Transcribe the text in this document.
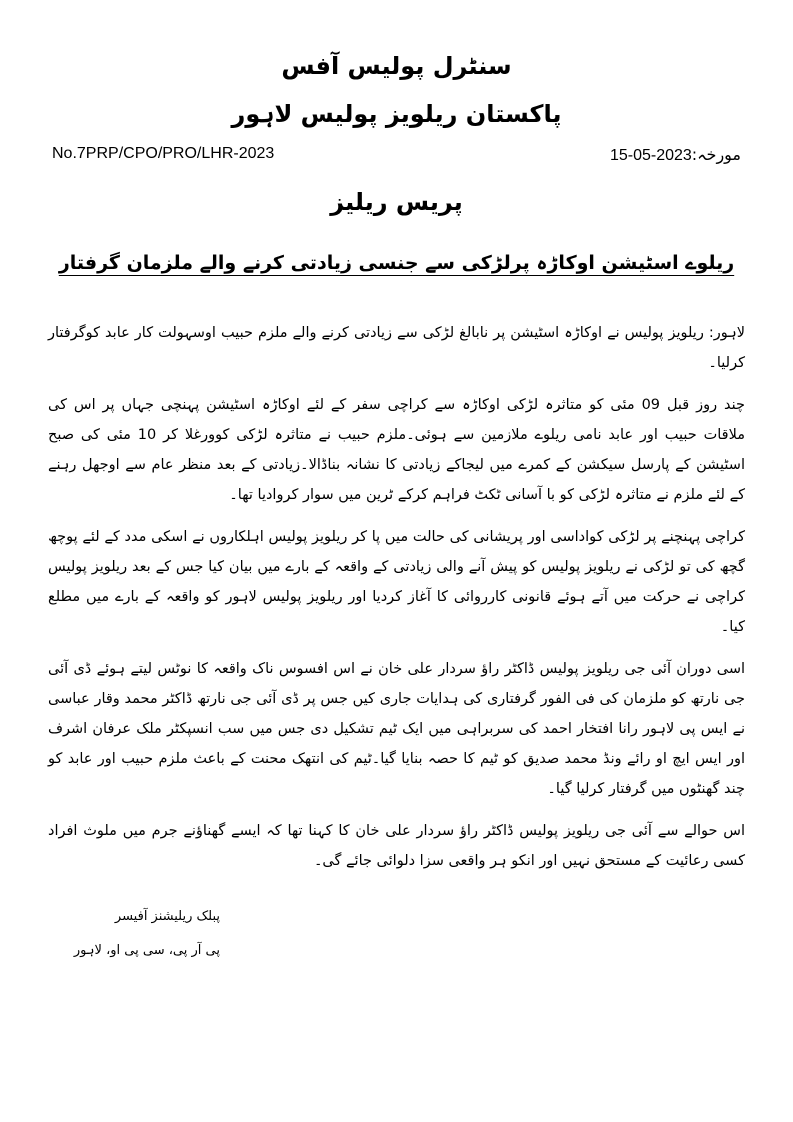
سنٹرل پولیس آفس
پاکستان ریلویز پولیس لاہور
No.7PRP/CPO/PRO/LHR-2023	مورخہ:15-05-2023
پریس ریلیز
ریلوے اسٹیشن اوکاڑہ پرلڑکی سے جنسی زیادتی کرنے والے ملزمان گرفتار

لاہور: ریلویز پولیس نے اوکاڑہ اسٹیشن پر نابالغ لڑکی سے زیادتی کرنے والے ملزم حبیب اوسہولت کار عابد کوگرفتار کرلیا۔

چند روز قبل 09 مئی کو متاثرہ لڑکی اوکاڑہ سے کراچی سفر کے لئے اوکاڑہ اسٹیشن پہنچی جہاں پر اس کی ملاقات حبیب اور عابد نامی ریلوے ملازمین سے ہوئی۔ملزم حبیب نے متاثرہ لڑکی کوورغلا کر 10 مئی کی صبح اسٹیشن کے پارسل سیکشن کے کمرے میں لیجاکے زیادتی کا نشانہ بناڈالا۔زیادتی کے بعد منظر عام سے اوجھل رہنے کے لئے ملزم نے متاثرہ لڑکی کو با آسانی ٹکٹ فراہم کرکے ٹرین میں سوار کروادیا تھا۔

کراچی پہنچنے پر لڑکی کواداسی اور پریشانی کی حالت میں پا کر ریلویز پولیس اہلکاروں نے اسکی مدد کے لئے پوچھ گچھ کی تو لڑکی نے ریلویز پولیس کو پیش آنے والی زیادتی کے واقعہ کے بارے میں بیان کیا جس کے بعد ریلویز پولیس کراچی نے حرکت میں آتے ہوئے قانونی کارروائی کا آغاز کردیا اور ریلویز پولیس لاہور کو واقعہ کے بارے میں مطلع کیا۔

اسی دوران آئی جی ریلویز پولیس ڈاکٹر راؤ سردار علی خان نے اس افسوس ناک واقعہ کا نوٹس لیتے ہوئے ڈی آئی جی نارتھ کو ملزمان کی فی الفور گرفتاری کی ہدایات جاری کیں جس پر ڈی آئی جی نارتھ ڈاکٹر محمد وقار عباسی نے ایس پی لاہور رانا افتخار احمد کی سربراہی میں ایک ٹیم تشکیل دی جس میں سب انسپکٹر ملک عرفان اشرف اور ایس ایچ او رائے ونڈ محمد صدیق کو ٹیم کا حصہ بنایا گیا۔ٹیم کی انتھک محنت کے باعث ملزم حبیب اور عابد کو چند گھنٹوں میں گرفتار کرلیا گیا۔

اس حوالے سے آئی جی ریلویز پولیس ڈاکٹر راؤ سردار علی خان کا کہنا تھا کہ ایسے گھناؤنے جرم میں ملوث افراد کسی رعائیت کے مستحق نہیں اور انکو ہر واقعی سزا دلوائی جائے گی۔

پبلک ریلیشنز آفیسر
پی آر پی، سی پی او، لاہور
